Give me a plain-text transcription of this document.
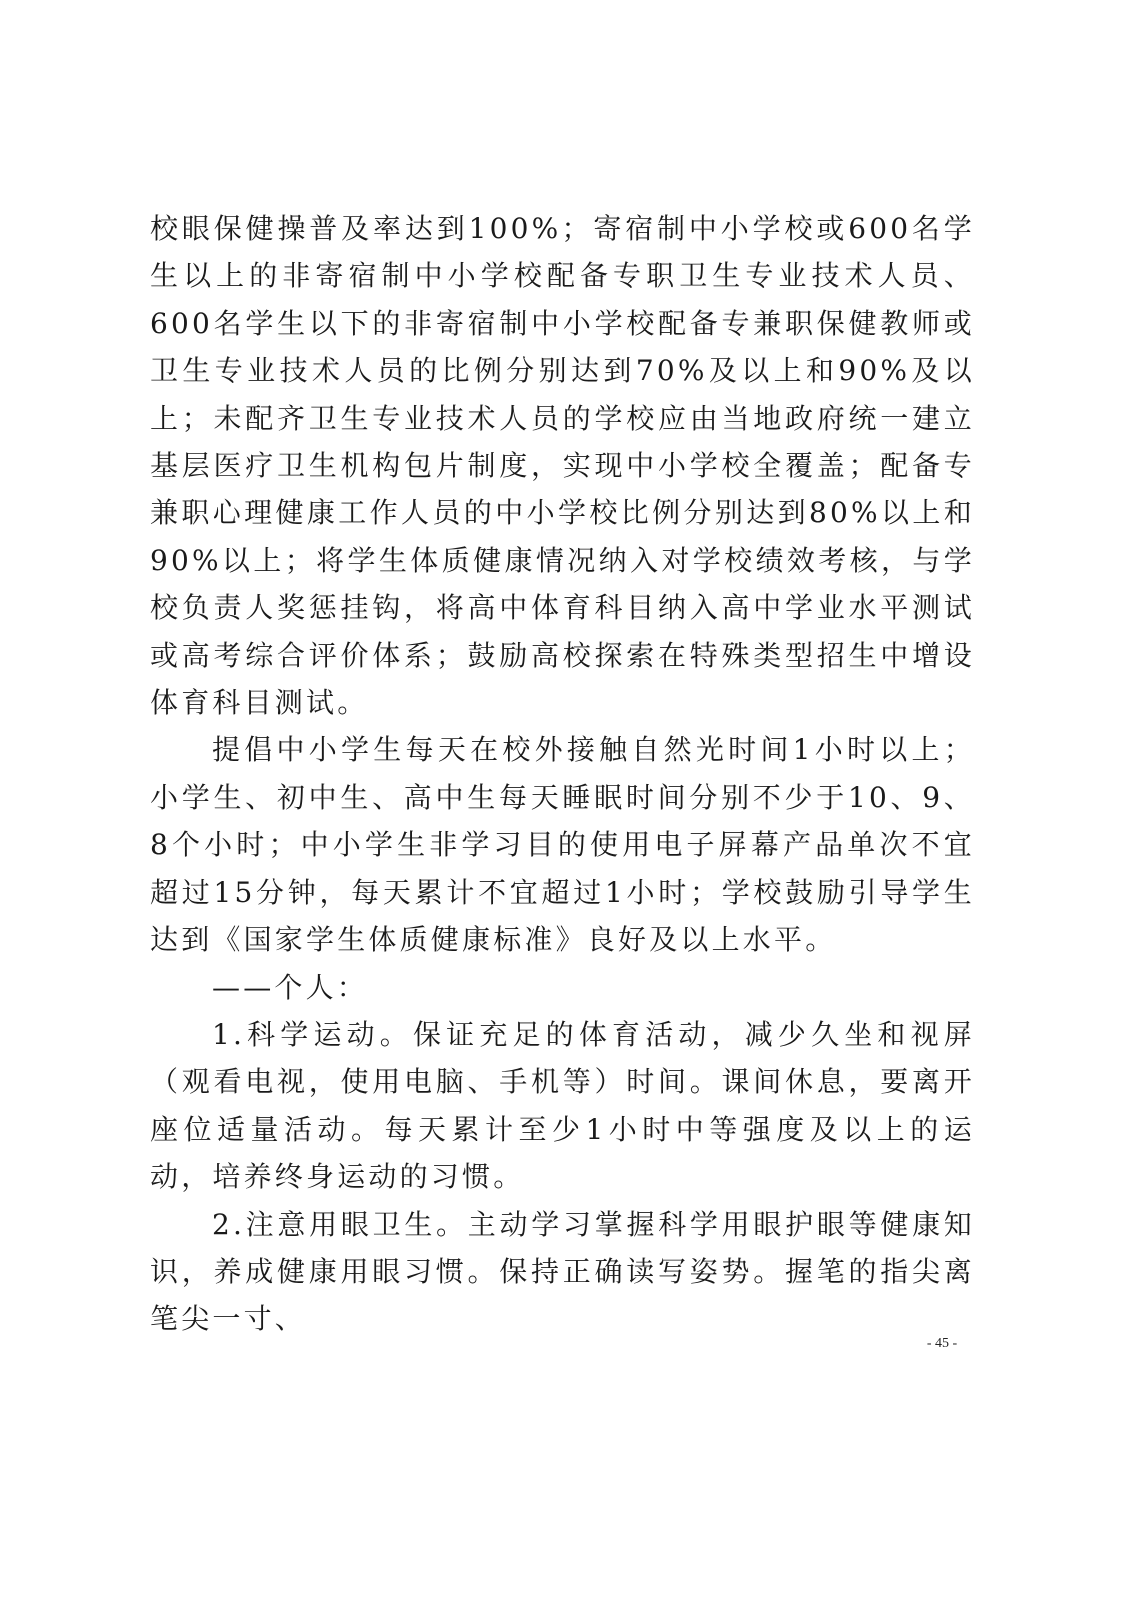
校眼保健操普及率达到100%；寄宿制中小学校或600名学生以上的非寄宿制中小学校配备专职卫生专业技术人员、600名学生以下的非寄宿制中小学校配备专兼职保健教师或卫生专业技术人员的比例分别达到70%及以上和90%及以上；未配齐卫生专业技术人员的学校应由当地政府统一建立基层医疗卫生机构包片制度，实现中小学校全覆盖；配备专兼职心理健康工作人员的中小学校比例分别达到80%以上和90%以上；将学生体质健康情况纳入对学校绩效考核，与学校负责人奖惩挂钩，将高中体育科目纳入高中学业水平测试或高考综合评价体系；鼓励高校探索在特殊类型招生中增设体育科目测试。

提倡中小学生每天在校外接触自然光时间1小时以上；小学生、初中生、高中生每天睡眠时间分别不少于10、9、8个小时；中小学生非学习目的使用电子屏幕产品单次不宜超过15分钟，每天累计不宜超过1小时；学校鼓励引导学生达到《国家学生体质健康标准》良好及以上水平。

——个人：

1.科学运动。保证充足的体育活动，减少久坐和视屏（观看电视，使用电脑、手机等）时间。课间休息，要离开座位适量活动。每天累计至少1小时中等强度及以上的运动，培养终身运动的习惯。

2.注意用眼卫生。主动学习掌握科学用眼护眼等健康知识，养成健康用眼习惯。保持正确读写姿势。握笔的指尖离笔尖一寸、

- 45 -
